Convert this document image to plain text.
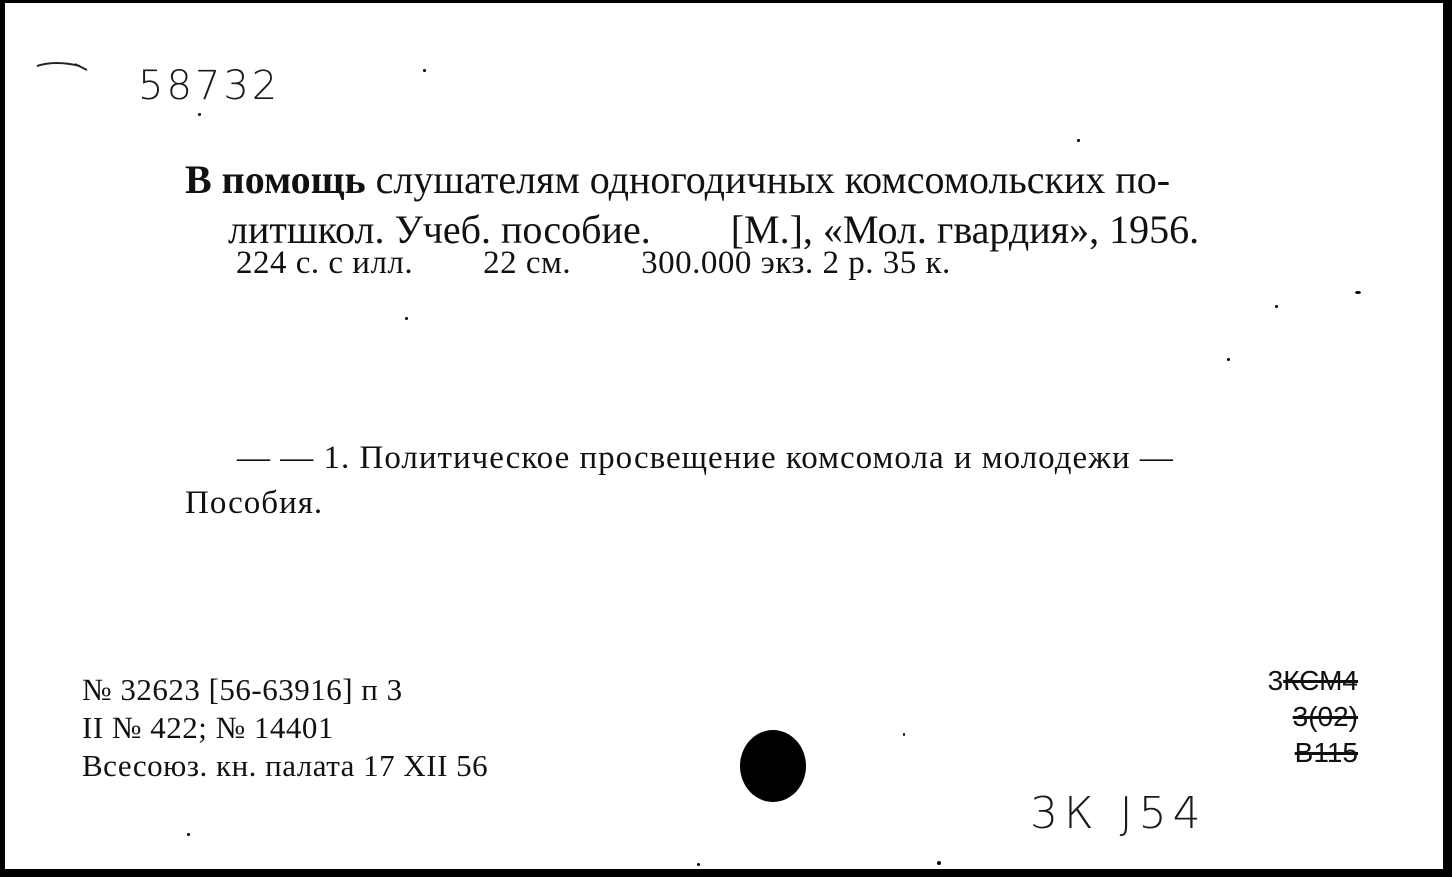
58732
В помощь слушателям одногодичных комсомольских по-
литшкол. Учеб. пособие. [М.], «Мол. гвардия», 1956.
224 с. с илл. 22 см. 300.000 экз. 2 р. 35 к.
— — 1. Политическое просвещение комсомола и молодежи —
Пособия.
№ 32623 [56-63916] п 3
II № 422; № 14401
Всесоюз. кн. палата 17 XII 56
3КСМ4
3(02)
В115
3К J54
